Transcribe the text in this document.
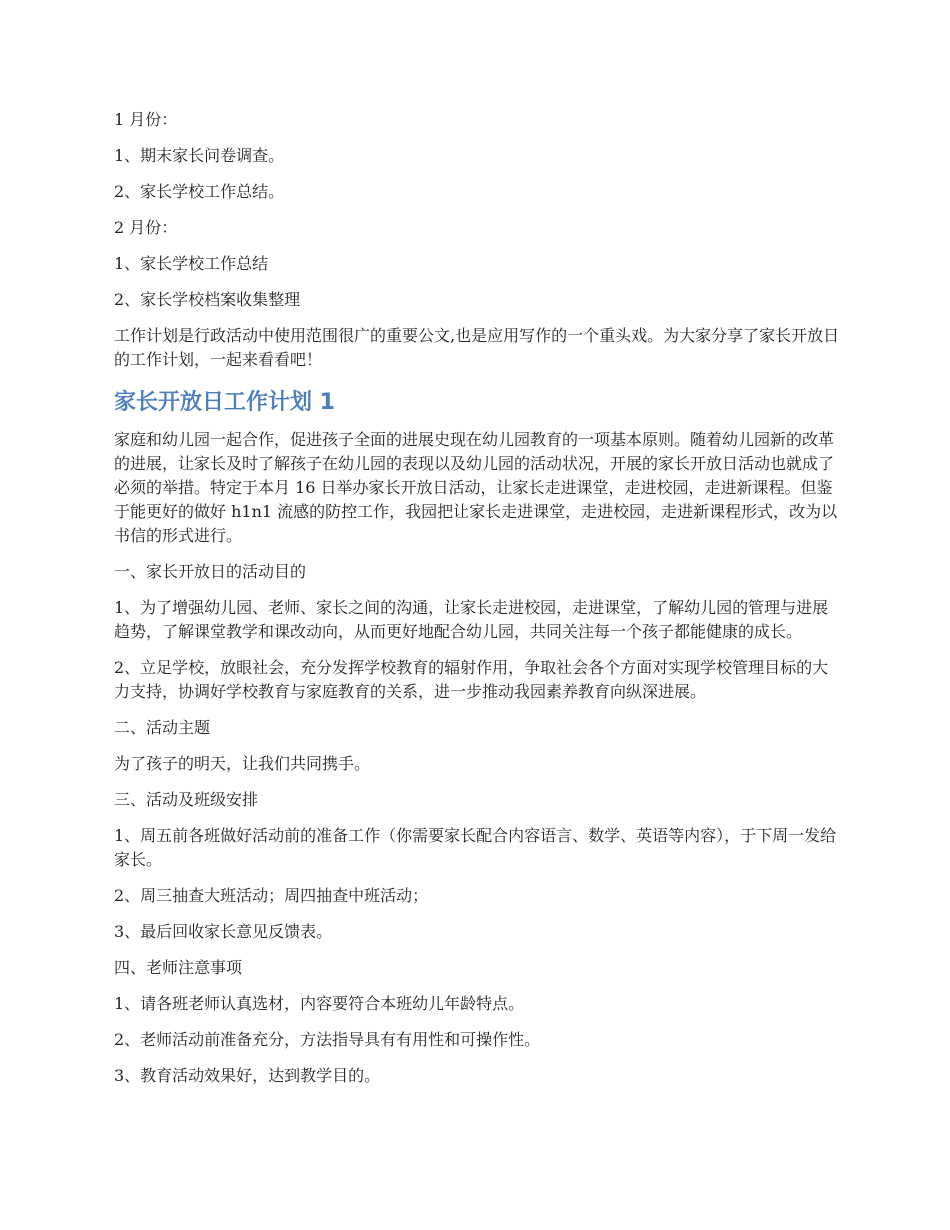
1 月份：

1、期末家长问卷调查。

2、家长学校工作总结。

2 月份：

1、家长学校工作总结

2、家长学校档案收集整理

工作计划是行政活动中使用范围很广的重要公文,也是应用写作的一个重头戏。为大家分享了家长开放日的工作计划，一起来看看吧！

家长开放日工作计划 1

家庭和幼儿园一起合作，促进孩子全面的进展史现在幼儿园教育的一项基本原则。随着幼儿园新的改革的进展，让家长及时了解孩子在幼儿园的表现以及幼儿园的活动状况，开展的家长开放日活动也就成了必须的举措。特定于本月 16 日举办家长开放日活动，让家长走进课堂，走进校园，走进新课程。但鉴于能更好的做好 h1n1 流感的防控工作，我园把让家长走进课堂，走进校园，走进新课程形式，改为以书信的形式进行。

一、家长开放日的活动目的

1、为了增强幼儿园、老师、家长之间的沟通，让家长走进校园，走进课堂，了解幼儿园的管理与进展趋势，了解课堂教学和课改动向，从而更好地配合幼儿园，共同关注每一个孩子都能健康的成长。

2、立足学校，放眼社会，充分发挥学校教育的辐射作用，争取社会各个方面对实现学校管理目标的大力支持，协调好学校教育与家庭教育的关系，进一步推动我园素养教育向纵深进展。

二、活动主题

为了孩子的明天，让我们共同携手。

三、活动及班级安排

1、周五前各班做好活动前的准备工作（你需要家长配合内容语言、数学、英语等内容），于下周一发给家长。

2、周三抽查大班活动；周四抽查中班活动；

3、最后回收家长意见反馈表。

四、老师注意事项

1、请各班老师认真选材，内容要符合本班幼儿年龄特点。

2、老师活动前准备充分，方法指导具有有用性和可操作性。

3、教育活动效果好，达到教学目的。
